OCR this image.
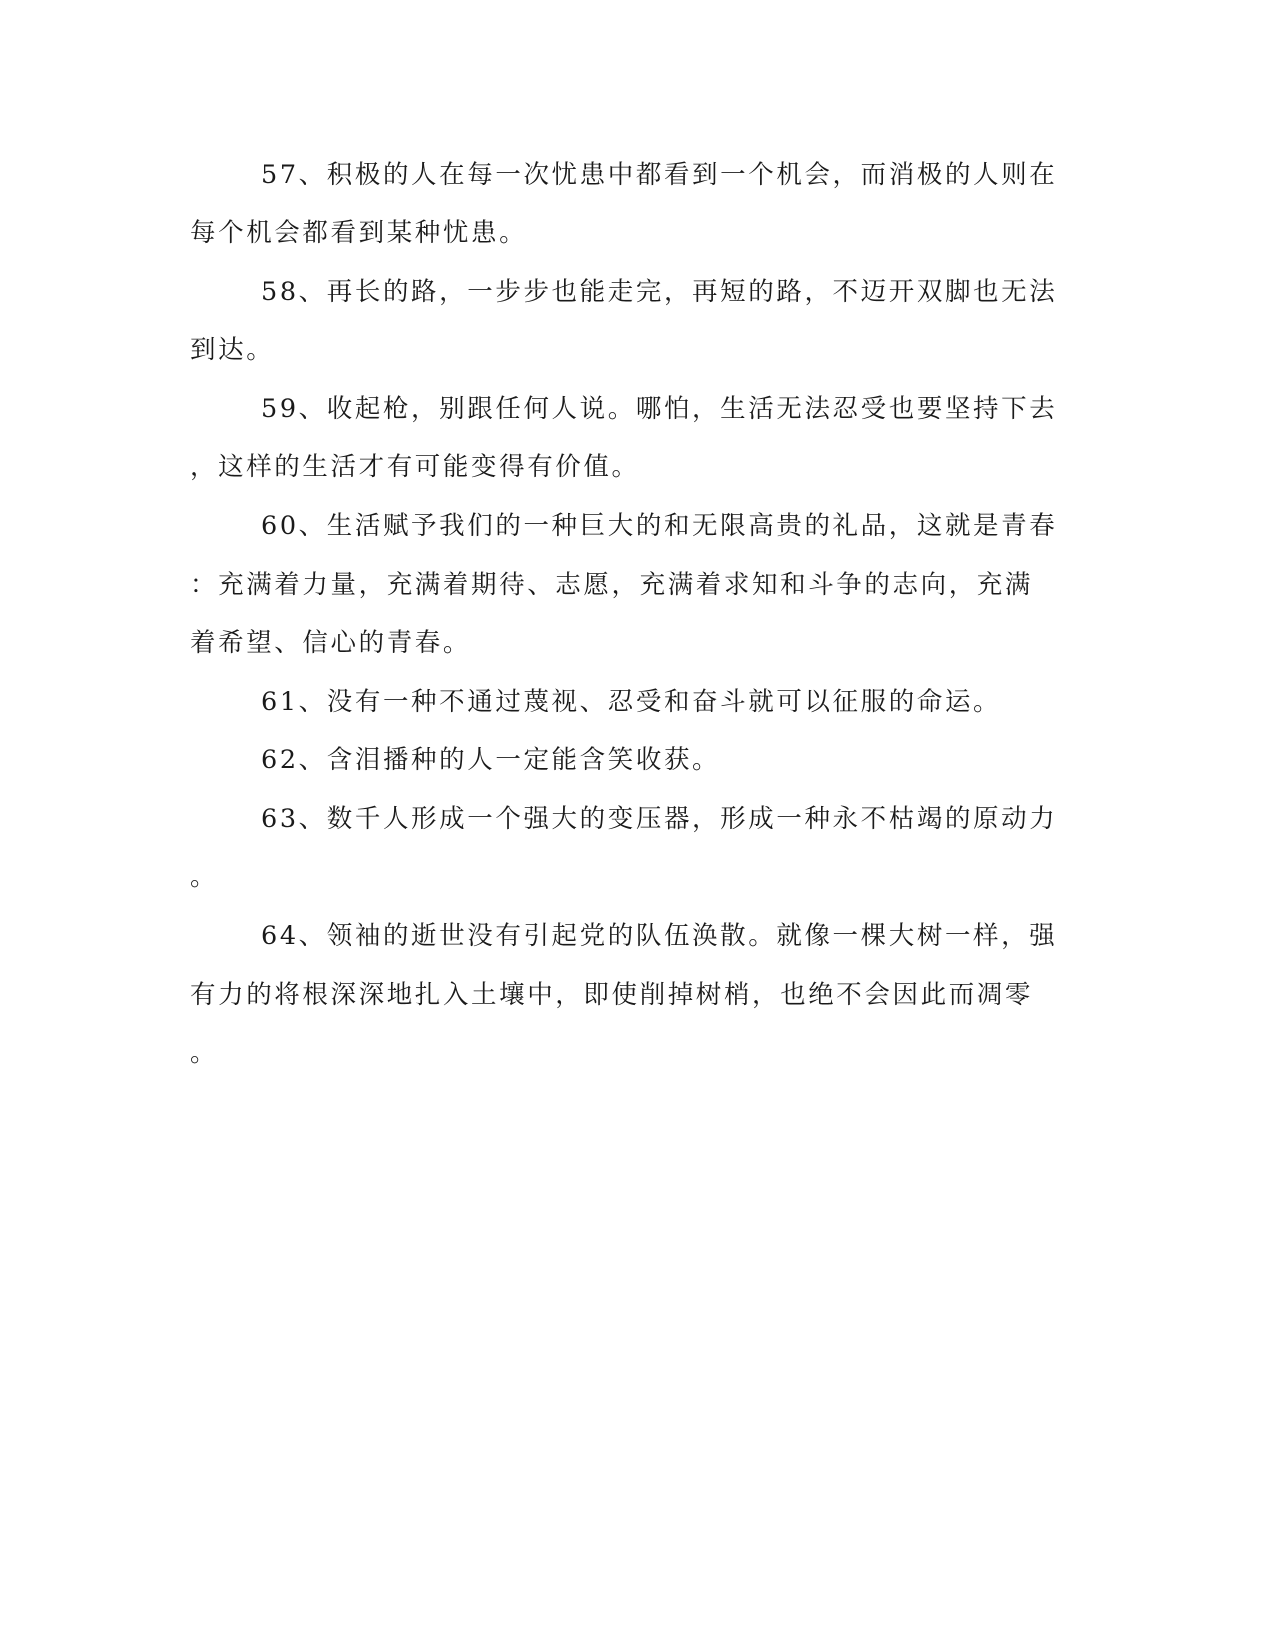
57、积极的人在每一次忧患中都看到一个机会，而消极的人则在
每个机会都看到某种忧患。
58、再长的路，一步步也能走完，再短的路，不迈开双脚也无法
到达。
59、收起枪，别跟任何人说。哪怕，生活无法忍受也要坚持下去
，这样的生活才有可能变得有价值。
60、生活赋予我们的一种巨大的和无限高贵的礼品，这就是青春
：充满着力量，充满着期待、志愿，充满着求知和斗争的志向，充满
着希望、信心的青春。
61、没有一种不通过蔑视、忍受和奋斗就可以征服的命运。
62、含泪播种的人一定能含笑收获。
63、数千人形成一个强大的变压器，形成一种永不枯竭的原动力
。
64、领袖的逝世没有引起党的队伍涣散。就像一棵大树一样，强
有力的将根深深地扎入土壤中，即使削掉树梢，也绝不会因此而凋零
。
